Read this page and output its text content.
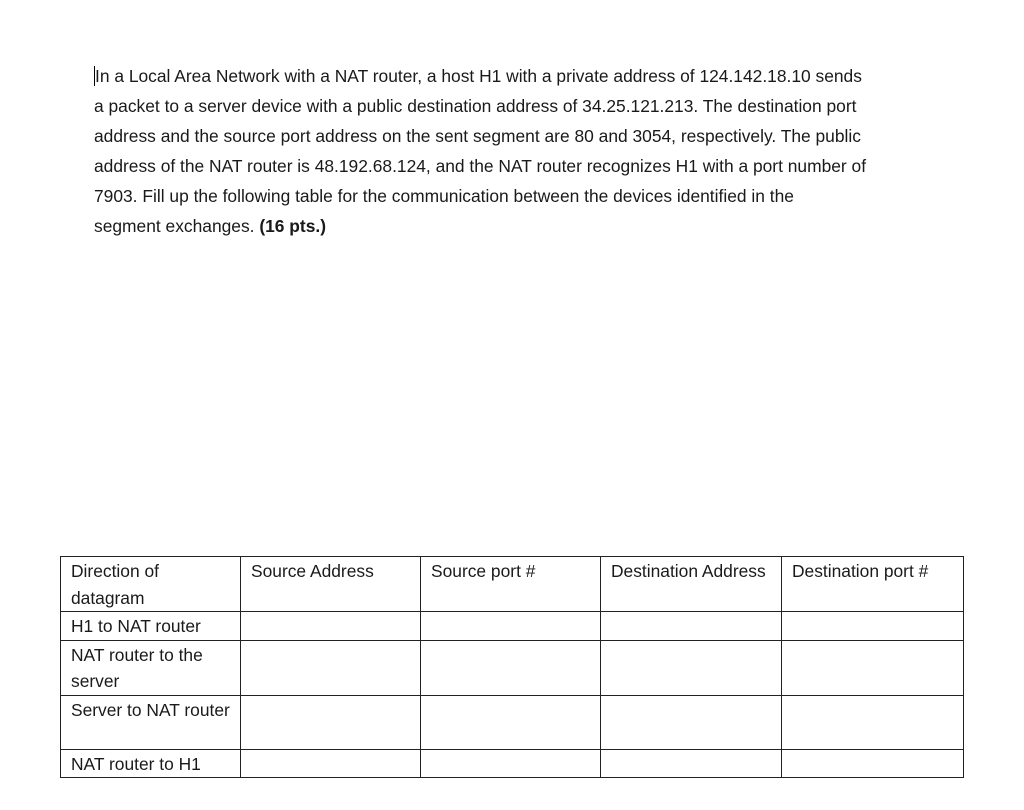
In a Local Area Network with a NAT router, a host H1 with a private address of 124.142.18.10 sends
a packet to a server device with a public destination address of 34.25.121.213. The destination port
address and the source port address on the sent segment are 80 and 3054, respectively. The public
address of the NAT router is 48.192.68.124, and the NAT router recognizes H1 with a port number of
7903. Fill up the following table for the communication between the devices identified in the
segment exchanges. (16 pts.)

Direction of datagram	Source Address	Source port #	Destination Address	Destination port #
H1 to NAT router				
NAT router to the server				
Server to NAT router				
NAT router to H1				
